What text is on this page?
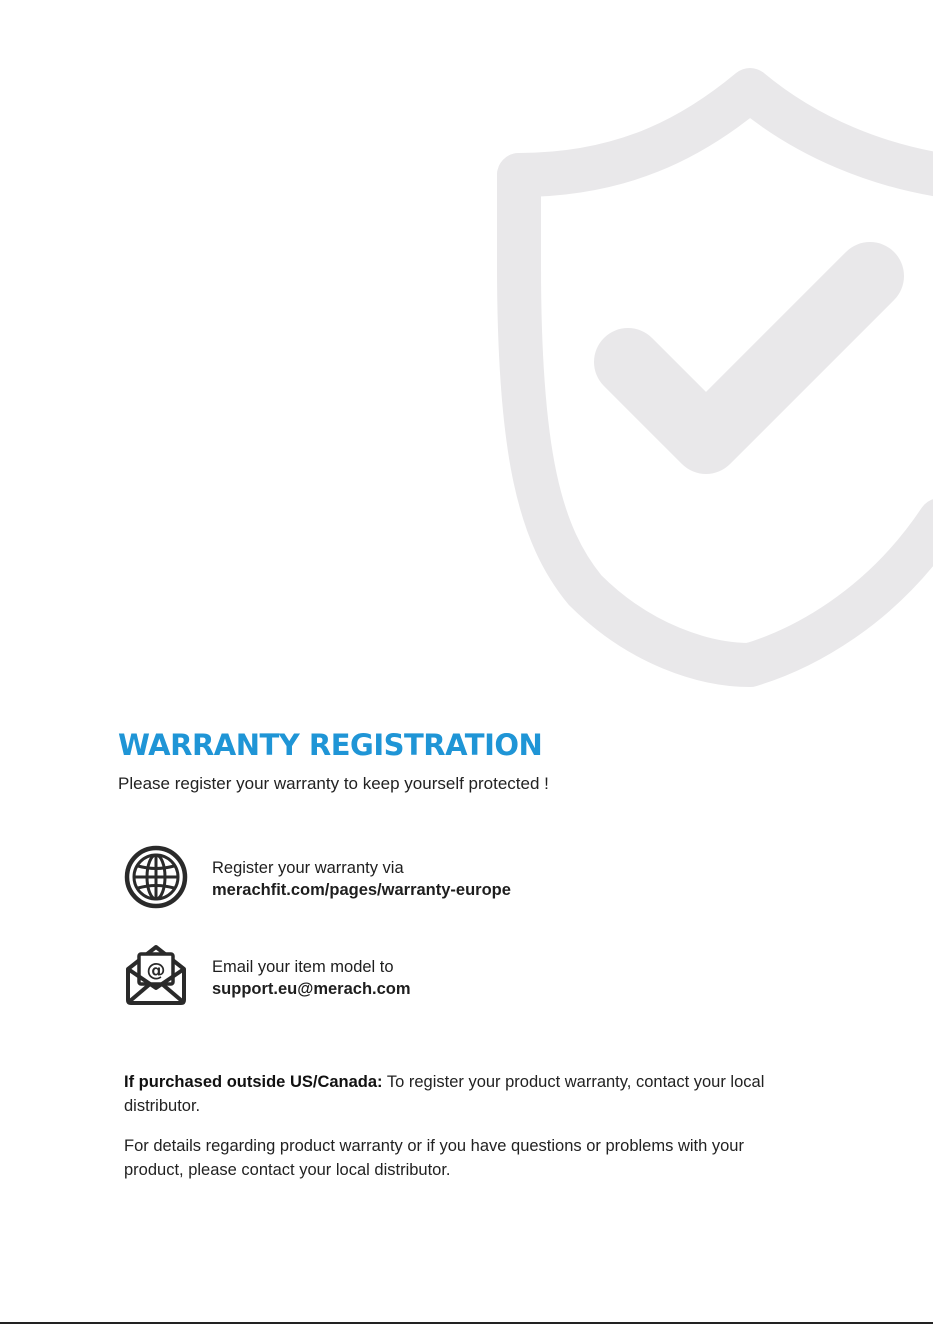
WARRANTY REGISTRATION

Please register your warranty to keep yourself protected !

Register your warranty via
merachfit.com/pages/warranty-europe
@	Email your item model to
support.eu@merach.com

If purchased outside US/Canada: To register your product warranty, contact your local distributor.

For details regarding product warranty or if you have questions or problems with your product, please contact your local distributor.
